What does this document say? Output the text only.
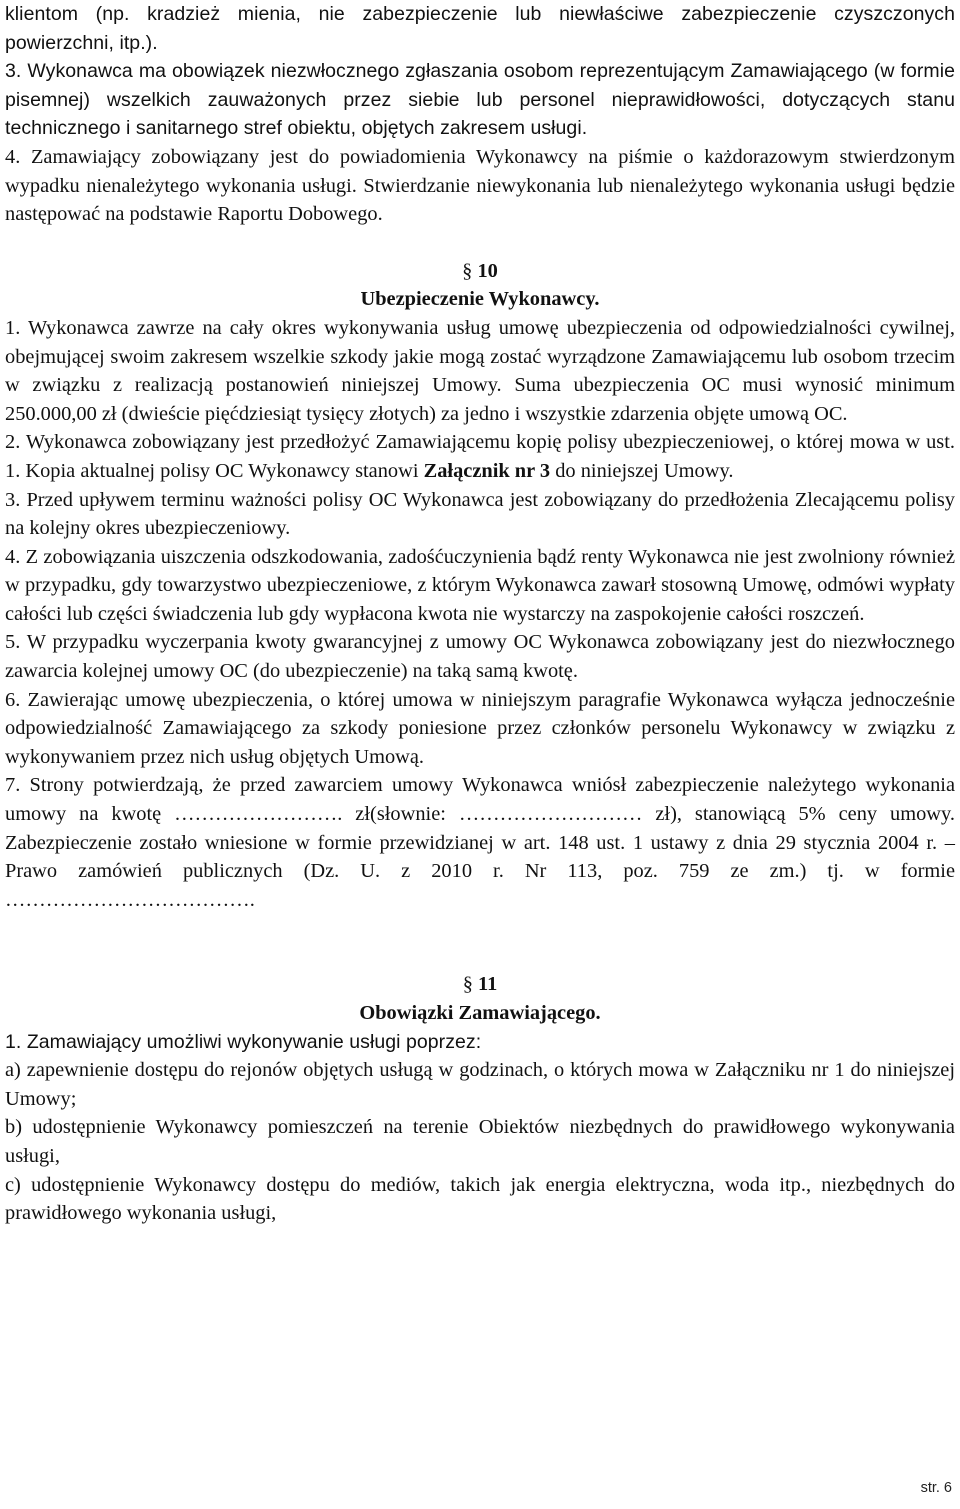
klientom (np. kradzież mienia, nie zabezpieczenie lub niewłaściwe zabezpieczenie czyszczonych powierzchni, itp.).

3. Wykonawca ma obowiązek niezwłocznego zgłaszania osobom reprezentującym Zamawiającego (w formie pisemnej) wszelkich zauważonych przez siebie lub personel nieprawidłowości, dotyczących stanu technicznego i sanitarnego stref obiektu, objętych zakresem usługi.

4. Zamawiający zobowiązany jest do powiadomienia Wykonawcy na piśmie o każdorazowym stwierdzonym wypadku nienależytego wykonania usługi. Stwierdzanie niewykonania lub nienależytego wykonania usługi będzie następować na podstawie Raportu Dobowego.

§ 10

Ubezpieczenie Wykonawcy.

1. Wykonawca zawrze na cały okres wykonywania usług umowę ubezpieczenia od odpowiedzialności cywilnej, obejmującej swoim zakresem wszelkie szkody jakie mogą zostać wyrządzone Zamawiającemu lub osobom trzecim w związku z realizacją postanowień niniejszej Umowy. Suma ubezpieczenia OC musi wynosić minimum 250.000,00 zł (dwieście pięćdziesiąt tysięcy złotych) za jedno i wszystkie zdarzenia objęte umową OC.

2. Wykonawca zobowiązany jest przedłożyć Zamawiającemu kopię polisy ubezpieczeniowej, o której mowa w ust. 1. Kopia aktualnej polisy OC Wykonawcy stanowi Załącznik nr 3 do niniejszej Umowy.

3. Przed upływem terminu ważności polisy OC Wykonawca jest zobowiązany do przedłożenia Zlecającemu polisy na kolejny okres ubezpieczeniowy.

4. Z zobowiązania uiszczenia odszkodowania, zadośćuczynienia bądź renty Wykonawca nie jest zwolniony również w przypadku, gdy towarzystwo ubezpieczeniowe, z którym Wykonawca zawarł stosowną Umowę, odmówi wypłaty całości lub części świadczenia lub gdy wypłacona kwota nie wystarczy na zaspokojenie całości roszczeń.

5. W przypadku wyczerpania kwoty gwarancyjnej z umowy OC Wykonawca zobowiązany jest do niezwłocznego zawarcia kolejnej umowy OC (do ubezpieczenie) na taką samą kwotę.

6. Zawierając umowę ubezpieczenia, o której umowa w niniejszym paragrafie Wykonawca wyłącza jednocześnie odpowiedzialność Zamawiającego za szkody poniesione przez członków personelu Wykonawcy w związku z wykonywaniem przez nich usług objętych Umową.

7. Strony potwierdzają, że przed zawarciem umowy Wykonawca wniósł zabezpieczenie należytego wykonania umowy na kwotę ……………………. zł(słownie: ……………………… zł), stanowiącą 5% ceny umowy. Zabezpieczenie zostało wniesione w formie przewidzianej w art. 148 ust. 1 ustawy z dnia 29 stycznia 2004 r. – Prawo zamówień publicznych (Dz. U. z 2010 r. Nr 113, poz. 759 ze zm.) tj. w formie ……………………………….

§ 11

Obowiązki Zamawiającego.

1. Zamawiający umożliwi wykonywanie usługi poprzez:

a) zapewnienie dostępu do rejonów objętych usługą w godzinach, o których mowa w Załączniku nr 1 do niniejszej Umowy;

b) udostępnienie Wykonawcy pomieszczeń na terenie Obiektów niezbędnych do prawidłowego wykonywania usługi,

c) udostępnienie Wykonawcy dostępu do mediów, takich jak energia elektryczna, woda itp., niezbędnych do prawidłowego wykonania usługi,

str. 6
